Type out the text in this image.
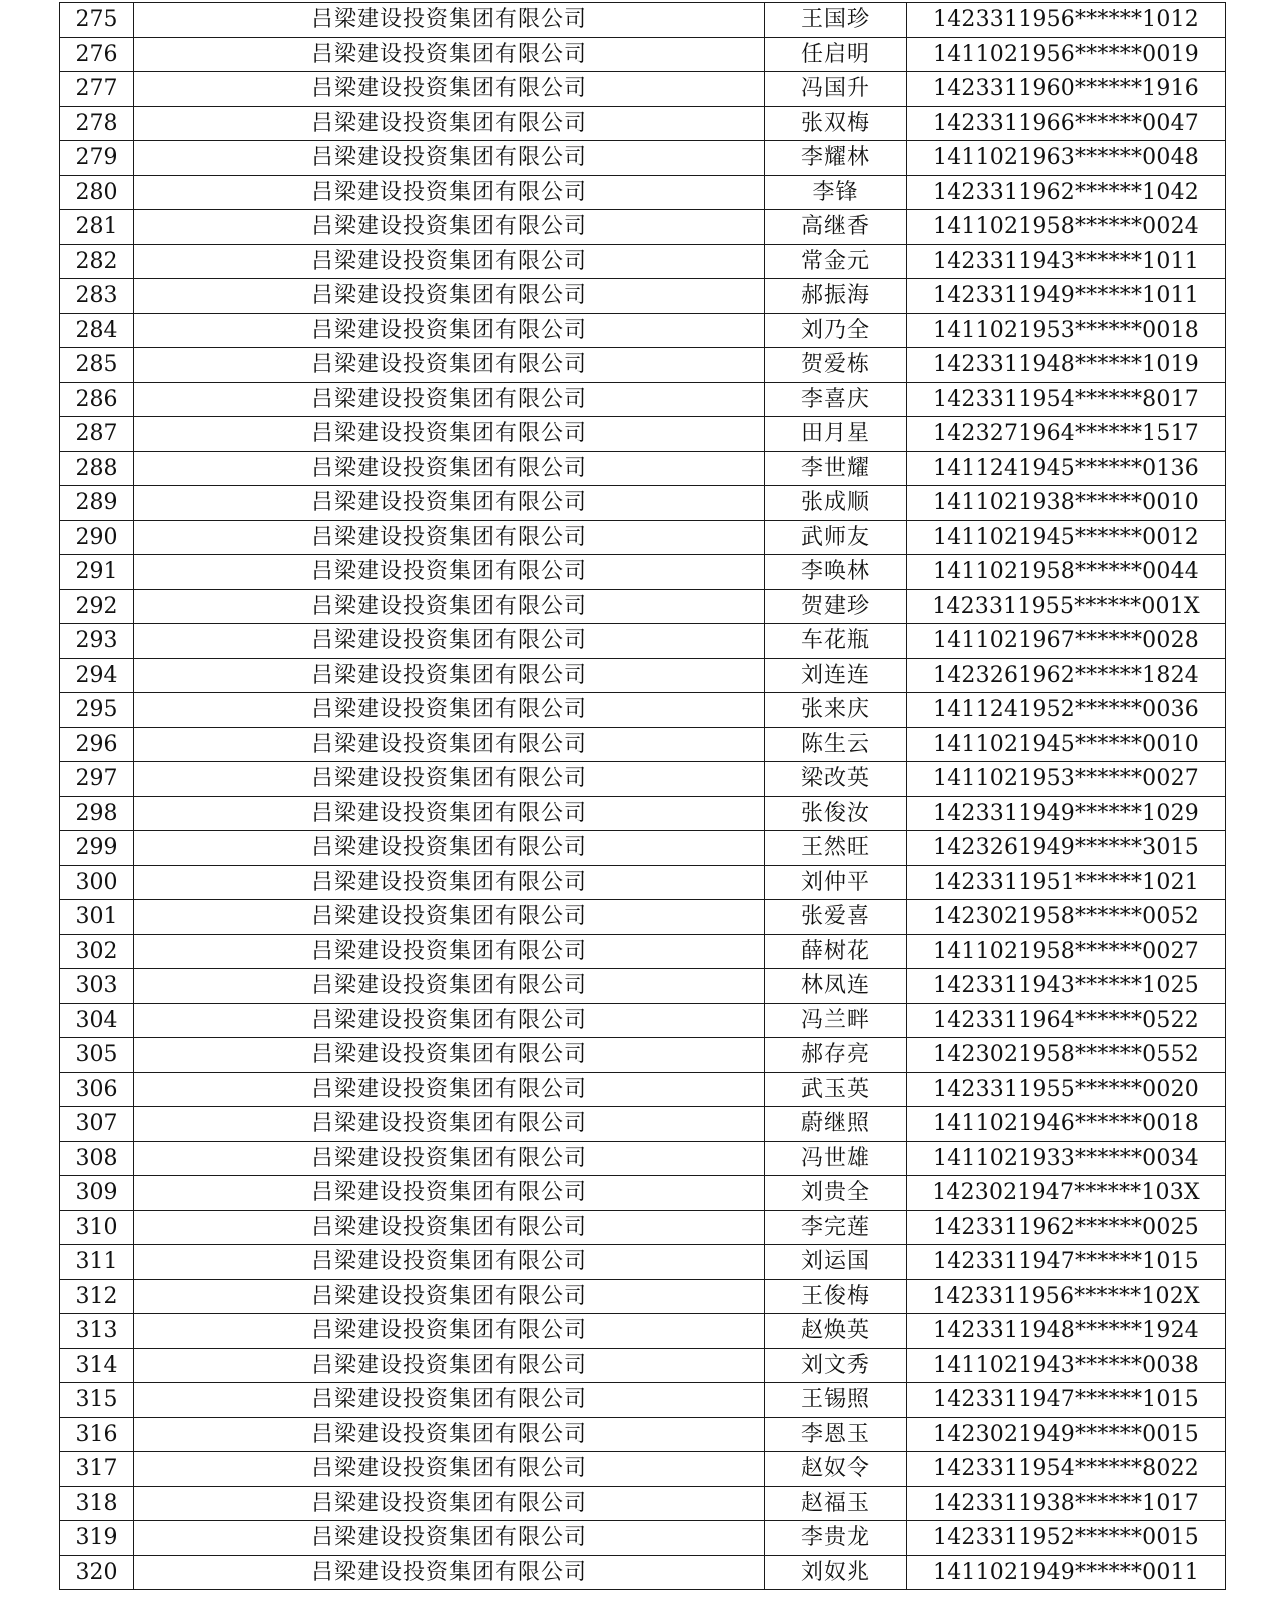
275	吕梁建设投资集团有限公司	王国珍	1423311956******1012
276	吕梁建设投资集团有限公司	任启明	1411021956******0019
277	吕梁建设投资集团有限公司	冯国升	1423311960******1916
278	吕梁建设投资集团有限公司	张双梅	1423311966******0047
279	吕梁建设投资集团有限公司	李耀林	1411021963******0048
280	吕梁建设投资集团有限公司	李锋	1423311962******1042
281	吕梁建设投资集团有限公司	高继香	1411021958******0024
282	吕梁建设投资集团有限公司	常金元	1423311943******1011
283	吕梁建设投资集团有限公司	郝振海	1423311949******1011
284	吕梁建设投资集团有限公司	刘乃全	1411021953******0018
285	吕梁建设投资集团有限公司	贺爱栋	1423311948******1019
286	吕梁建设投资集团有限公司	李喜庆	1423311954******8017
287	吕梁建设投资集团有限公司	田月星	1423271964******1517
288	吕梁建设投资集团有限公司	李世耀	1411241945******0136
289	吕梁建设投资集团有限公司	张成顺	1411021938******0010
290	吕梁建设投资集团有限公司	武师友	1411021945******0012
291	吕梁建设投资集团有限公司	李唤林	1411021958******0044
292	吕梁建设投资集团有限公司	贺建珍	1423311955******001X
293	吕梁建设投资集团有限公司	车花瓶	1411021967******0028
294	吕梁建设投资集团有限公司	刘连连	1423261962******1824
295	吕梁建设投资集团有限公司	张来庆	1411241952******0036
296	吕梁建设投资集团有限公司	陈生云	1411021945******0010
297	吕梁建设投资集团有限公司	梁改英	1411021953******0027
298	吕梁建设投资集团有限公司	张俊汝	1423311949******1029
299	吕梁建设投资集团有限公司	王然旺	1423261949******3015
300	吕梁建设投资集团有限公司	刘仲平	1423311951******1021
301	吕梁建设投资集团有限公司	张爱喜	1423021958******0052
302	吕梁建设投资集团有限公司	薛树花	1411021958******0027
303	吕梁建设投资集团有限公司	林凤连	1423311943******1025
304	吕梁建设投资集团有限公司	冯兰畔	1423311964******0522
305	吕梁建设投资集团有限公司	郝存亮	1423021958******0552
306	吕梁建设投资集团有限公司	武玉英	1423311955******0020
307	吕梁建设投资集团有限公司	蔚继照	1411021946******0018
308	吕梁建设投资集团有限公司	冯世雄	1411021933******0034
309	吕梁建设投资集团有限公司	刘贵全	1423021947******103X
310	吕梁建设投资集团有限公司	李完莲	1423311962******0025
311	吕梁建设投资集团有限公司	刘运国	1423311947******1015
312	吕梁建设投资集团有限公司	王俊梅	1423311956******102X
313	吕梁建设投资集团有限公司	赵焕英	1423311948******1924
314	吕梁建设投资集团有限公司	刘文秀	1411021943******0038
315	吕梁建设投资集团有限公司	王锡照	1423311947******1015
316	吕梁建设投资集团有限公司	李恩玉	1423021949******0015
317	吕梁建设投资集团有限公司	赵奴令	1423311954******8022
318	吕梁建设投资集团有限公司	赵福玉	1423311938******1017
319	吕梁建设投资集团有限公司	李贵龙	1423311952******0015
320	吕梁建设投资集团有限公司	刘奴兆	1411021949******0011
